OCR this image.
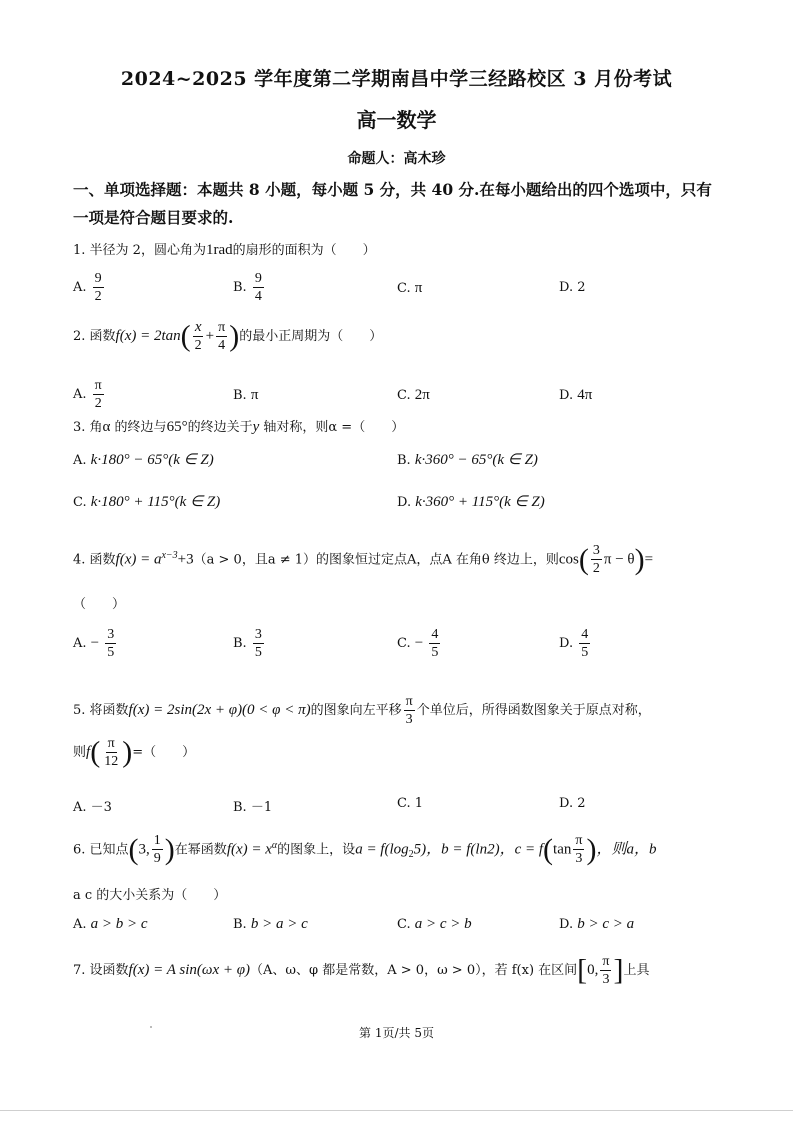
2024~2025 学年度第二学期南昌中学三经路校区 3 月份考试
高一数学
命题人：高木珍
一、单项选择题：本题共 8 小题，每小题 5 分，共 40 分.在每小题给出的四个选项中，只有
一项是符合题目要求的.
1. 半径为 2，圆心角为1rad的扇形的面积为（　　）
A. $\frac{9}{2}$	B. $\frac{9}{4}$	C. π	D. 2
2. 函数$f(x) = 2\tan( \frac{x}{2} + \frac{\pi}{4}$ )的最小正周期为（　　）
A. $\frac{\pi}{2}$	B. π	C. 2π	D. 4π
3. 角α 的终边与65°的终边关于y 轴对称，则α =（　　）
A. k·180° − 65°(k ∈ Z)	B. k·360° − 65°(k ∈ Z)
C. k·180° + 115°(k ∈ Z)	D. k·360° + 115°(k ∈ Z)
4. 函数$f(x) = a^{x-3}+3(a > 0$，且a ≠ 1）的图象恒过定点A，点A 在角θ 终边上，则$\cos( \frac{3}{2}$ π − θ)=
（　　）
A. − $\frac{3}{5}$	B. $\frac{3}{5}$	C. − $\frac{4}{5}$	D. $\frac{4}{5}$
5. 将函数f(x) = 2sin(2x + φ)(0 < φ < π)的图象向左平移 $\frac{\pi}{3}$ 个单位后，所得函数图象关于原点对称，
则$f( \frac{\pi}{12}$ )=（　　）
A. －3	B. －1	C. 1	D. 2
6. 已知点(3, $\frac{1}{9}$ )在幂函数$f(x) = x^\alpha$的图象上，设$a = f(\log_25)$，b = f(ln2)，$c = f(\tan \frac{\pi}{3}$ )，则a，b
a c 的大小关系为（　　）
A. a > b > c	B. b > a > c	C. a > c > b	D. b > c > a
7. 设函数f(x) = A sin(ωx + φ)（A、ω、φ 都是常数，A > 0，ω > 0），若 f(x) 在区间[0, $\frac{\pi}{3}$ ]上具
第 1页/共 5页
